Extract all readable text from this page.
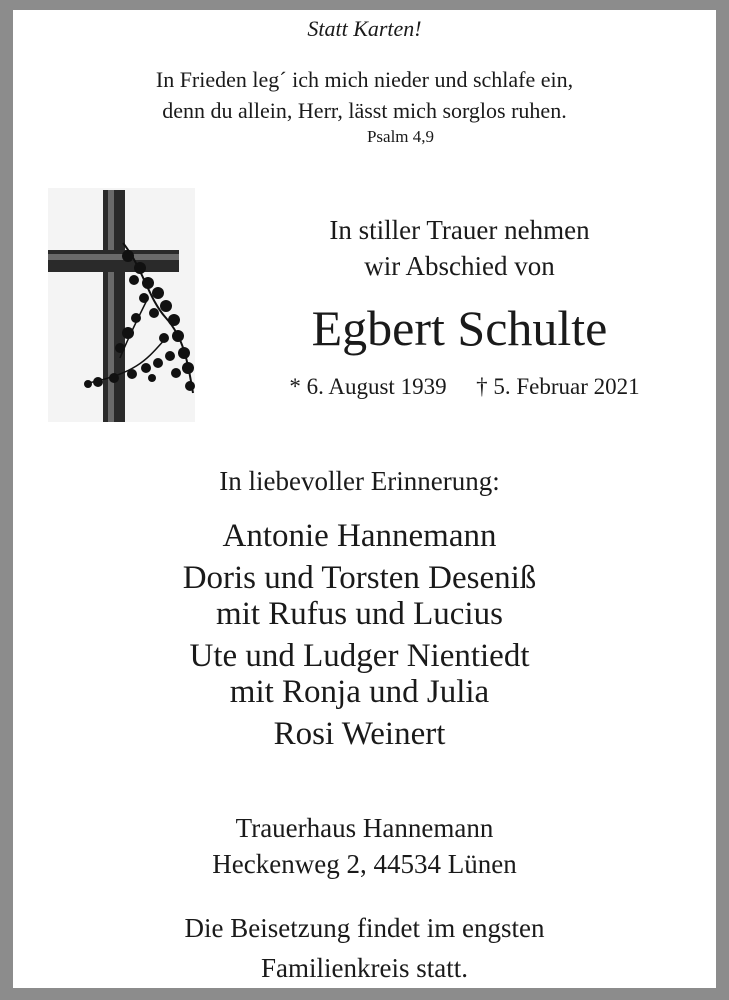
Statt Karten!
In Frieden leg´ ich mich nieder und schlafe ein,
denn du allein, Herr, lässt mich sorglos ruhen.
Psalm 4,9
In stiller Trauer nehmen
wir Abschied von
Egbert Schulte
* 6. August 1939 † 5. Februar 2021
In liebevoller Erinnerung:
Antonie Hannemann
Doris und Torsten Deseniß
mit Rufus und Lucius
Ute und Ludger Nientiedt
mit Ronja und Julia
Rosi Weinert
Trauerhaus Hannemann
Heckenweg 2, 44534 Lünen
Die Beisetzung findet im engsten
Familienkreis statt.
